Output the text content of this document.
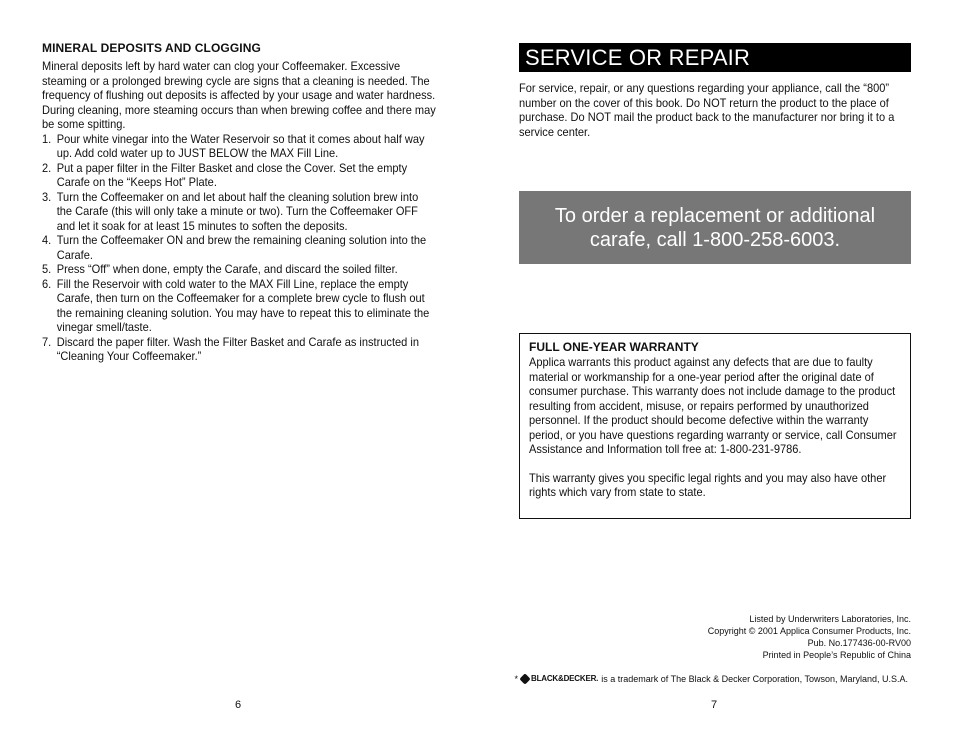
MINERAL DEPOSITS AND CLOGGING

Mineral deposits left by hard water can clog your Coffeemaker. Excessive steaming or a prolonged brewing cycle are signs that a cleaning is needed. The frequency of flushing out deposits is affected by your usage and water hardness. During cleaning, more steaming occurs than when brewing coffee and there may be some spitting.

1. Pour white vinegar into the Water Reservoir so that it comes about half way up. Add cold water up to JUST BELOW the MAX Fill Line.
2. Put a paper filter in the Filter Basket and close the Cover. Set the empty Carafe on the “Keeps Hot” Plate.
3. Turn the Coffeemaker on and let about half the cleaning solution brew into the Carafe (this will only take a minute or two). Turn the Coffeemaker OFF and let it soak for at least 15 minutes to soften the deposits.
4. Turn the Coffeemaker ON and brew the remaining cleaning solution into the Carafe.
5. Press “Off” when done, empty the Carafe, and discard the soiled filter.
6. Fill the Reservoir with cold water to the MAX Fill Line, replace the empty Carafe, then turn on the Coffeemaker for a complete brew cycle to flush out the remaining cleaning solution. You may have to repeat this to eliminate the vinegar smell/taste.
7. Discard the paper filter. Wash the Filter Basket and Carafe as instructed in “Cleaning Your Coffeemaker.”
SERVICE OR REPAIR

For service, repair, or any questions regarding your appliance, call the “800” number on the cover of this book. Do NOT return the product to the place of purchase. Do NOT mail the product back to the manufacturer nor bring it to a service center.

To order a replacement or additional carafe, call 1-800-258-6003.
FULL ONE-YEAR WARRANTY

Applica warrants this product against any defects that are due to faulty material or workmanship for a one-year period after the original date of consumer purchase. This warranty does not include damage to the product resulting from accident, misuse, or repairs performed by unauthorized personnel. If the product should become defective within the warranty period, or you have questions regarding warranty or service, call Consumer Assistance and Information toll free at: 1-800-231-9786.

This warranty gives you specific legal rights and you may also have other rights which vary from state to state.

Listed by Underwriters Laboratories, Inc.
Copyright © 2001 Applica Consumer Products, Inc.
Pub. No.177436-00-RV00
Printed in People’s Republic of China
* BLACK&DECKER. is a trademark of The Black & Decker Corporation, Towson, Maryland, U.S.A.
6	7
